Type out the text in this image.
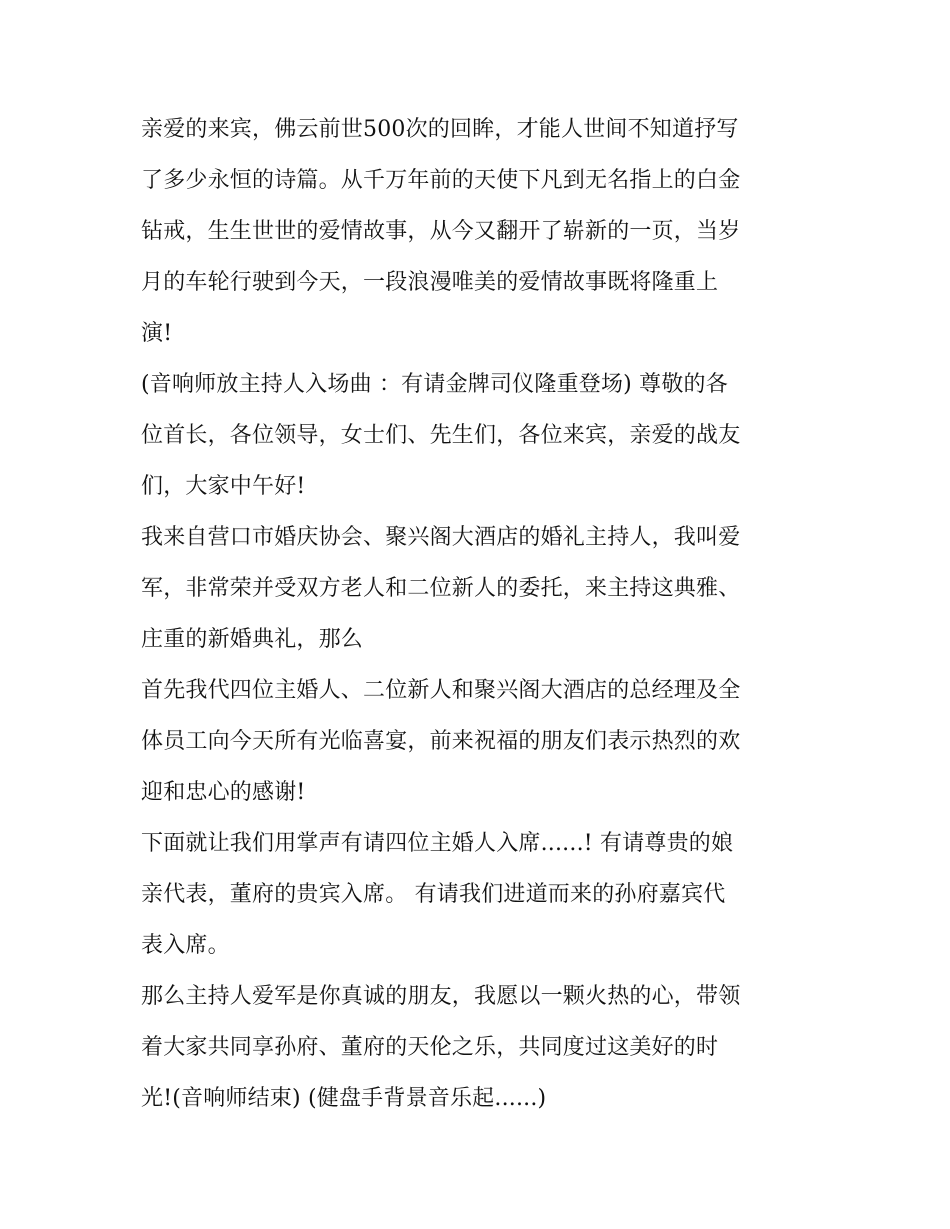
亲爱的来宾，佛云前世500次的回眸，才能人世间不知道抒写
了多少永恒的诗篇。从千万年前的天使下凡到无名指上的白金
钻戒，生生世世的爱情故事，从今又翻开了崭新的一页，当岁
月的车轮行驶到今天，一段浪漫唯美的爱情故事既将隆重上
演!
(音响师放主持人入场曲 ：有请金牌司仪隆重登场) 尊敬的各
位首长，各位领导，女士们、先生们，各位来宾，亲爱的战友
们，大家中午好!
我来自营口市婚庆协会、聚兴阁大酒店的婚礼主持人，我叫爱
军，非常荣并受双方老人和二位新人的委托，来主持这典雅、
庄重的新婚典礼，那么
首先我代四位主婚人、二位新人和聚兴阁大酒店的总经理及全
体员工向今天所有光临喜宴，前来祝福的朋友们表示热烈的欢
迎和忠心的感谢!
下面就让我们用掌声有请四位主婚人入席......! 有请尊贵的娘
亲代表，董府的贵宾入席。 有请我们进道而来的孙府嘉宾代
表入席。
那么主持人爱军是你真诚的朋友，我愿以一颗火热的心，带领
着大家共同享孙府、董府的天伦之乐，共同度过这美好的时
光!(音响师结束) (健盘手背景音乐起......)
